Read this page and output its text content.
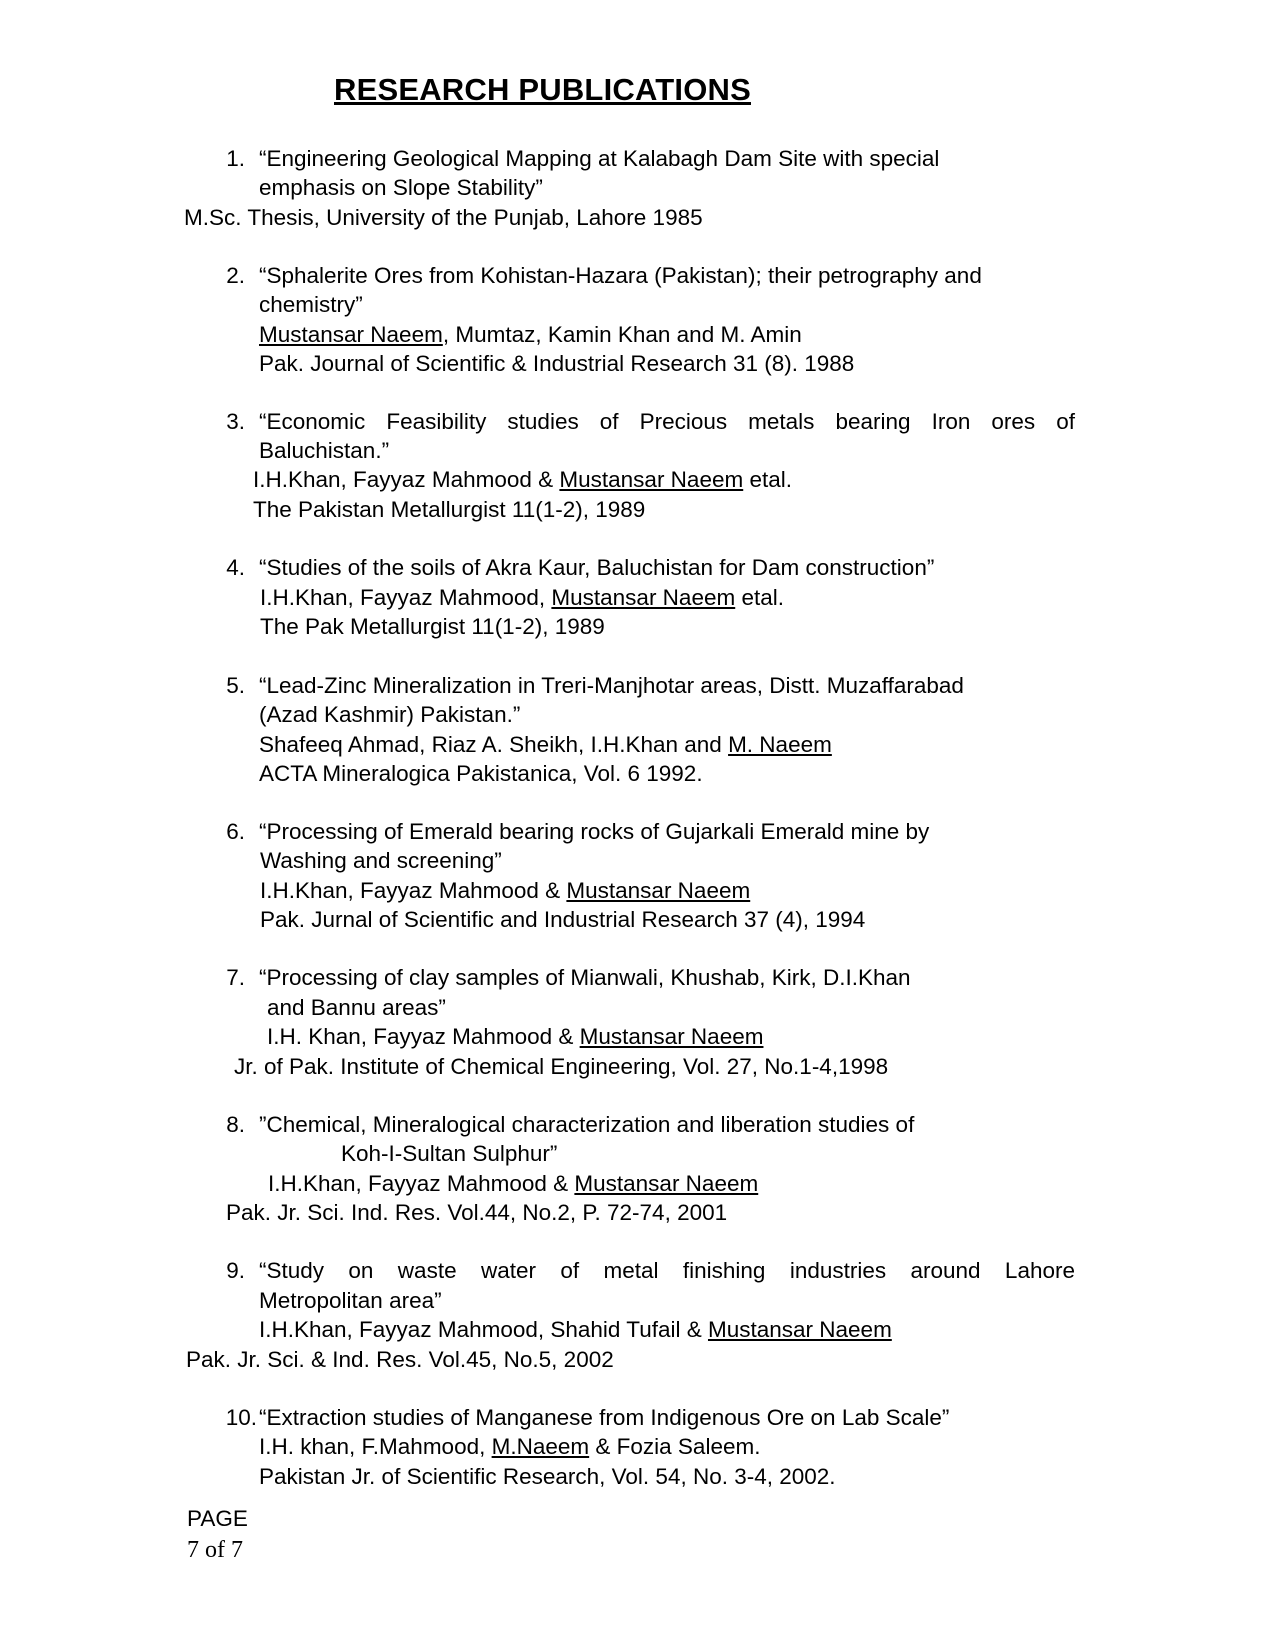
RESEARCH PUBLICATIONS
1. “Engineering Geological Mapping at Kalabagh Dam Site with special
emphasis on Slope Stability”
M.Sc. Thesis, University of the Punjab, Lahore 1985
2. “Sphalerite Ores from Kohistan-Hazara (Pakistan); their petrography and
chemistry”
Mustansar Naeem, Mumtaz, Kamin Khan and M. Amin
Pak. Journal of Scientific & Industrial Research 31 (8). 1988
3. “Economic Feasibility studies of Precious metals bearing Iron ores of
Baluchistan.”
I.H.Khan, Fayyaz Mahmood & Mustansar Naeem etal.
The Pakistan Metallurgist 11(1-2), 1989
4. “Studies of the soils of Akra Kaur, Baluchistan for Dam construction”
I.H.Khan, Fayyaz Mahmood, Mustansar Naeem etal.
The Pak Metallurgist 11(1-2), 1989
5. “Lead-Zinc Mineralization in Treri-Manjhotar areas, Distt. Muzaffarabad
(Azad Kashmir) Pakistan.”
Shafeeq Ahmad, Riaz A. Sheikh, I.H.Khan and M. Naeem
ACTA Mineralogica Pakistanica, Vol. 6 1992.
6. “Processing of Emerald bearing rocks of Gujarkali Emerald mine by
Washing and screening”
I.H.Khan, Fayyaz Mahmood & Mustansar Naeem
Pak. Jurnal of Scientific and Industrial Research 37 (4), 1994
7. “Processing of clay samples of Mianwali, Khushab, Kirk, D.I.Khan
and Bannu areas”
I.H. Khan, Fayyaz Mahmood & Mustansar Naeem
Jr. of Pak. Institute of Chemical Engineering, Vol. 27, No.1-4,1998
8. ”Chemical, Mineralogical characterization and liberation studies of
Koh-I-Sultan Sulphur”
I.H.Khan, Fayyaz Mahmood & Mustansar Naeem
Pak. Jr. Sci. Ind. Res. Vol.44, No.2, P. 72-74, 2001
9. “Study on waste water of metal finishing industries around Lahore
Metropolitan area”
I.H.Khan, Fayyaz Mahmood, Shahid Tufail & Mustansar Naeem
Pak. Jr. Sci. & Ind. Res. Vol.45, No.5, 2002
10. “Extraction studies of Manganese from Indigenous Ore on Lab Scale”
I.H. khan, F.Mahmood, M.Naeem & Fozia Saleem.
Pakistan Jr. of Scientific Research, Vol. 54, No. 3-4, 2002.
PAGE
7 of 7
